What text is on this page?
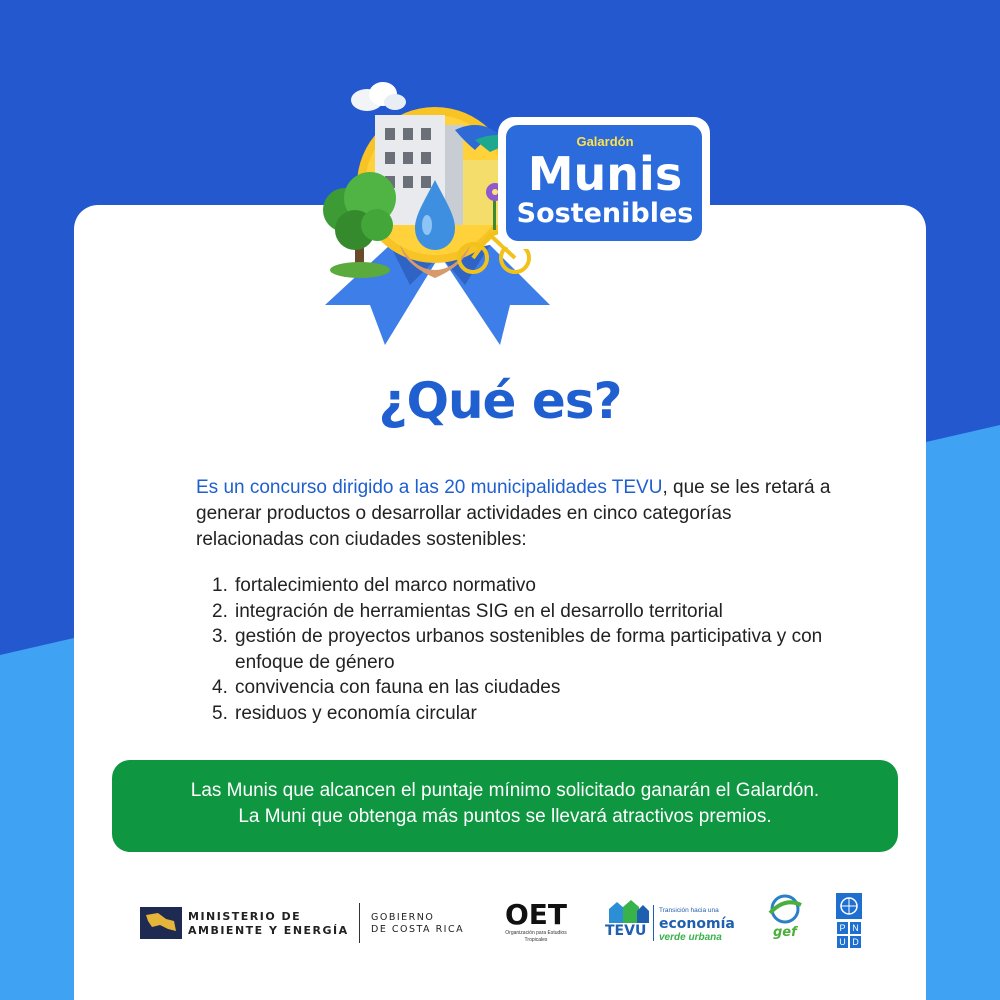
Galardón
Munis
Sostenibles
¿Qué es?
Es un concurso dirigido a las 20 municipalidades TEVU, que se les retará a generar productos o desarrollar actividades en cinco categorías relacionadas con ciudades sostenibles:
1. fortalecimiento del marco normativo
2. integración de herramientas SIG en el desarrollo territorial
3. gestión de proyectos urbanos sostenibles de forma participativa y con enfoque de género
4. convivencia con fauna en las ciudades
5. residuos y economía circular
Las Munis que alcancen el puntaje mínimo solicitado ganarán el Galardón.
La Muni que obtenga más puntos se llevará atractivos premios.
MINISTERIO DE
AMBIENTE Y ENERGÍA
GOBIERNO
DE COSTA RICA	OET
Organización para Estudios Tropicales
TEVU
Transición hacia una
economía
verde urbana	gef	P N
U D
